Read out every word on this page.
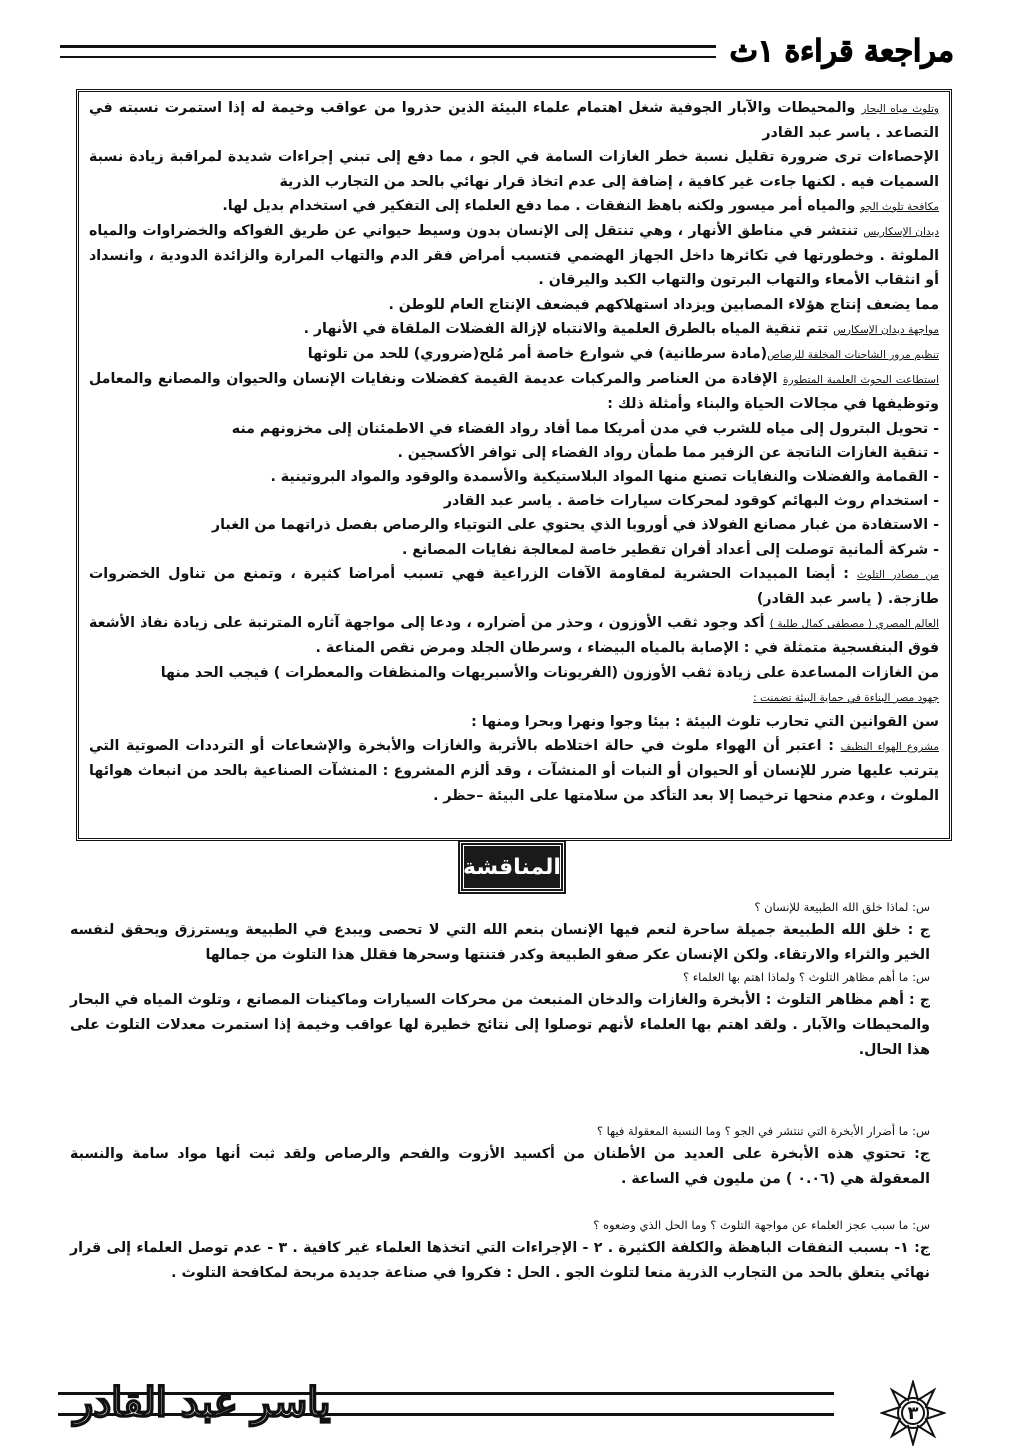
مراجعة قراءة ١ث

وتلوث مياه البحار والمحيطات والآبار الجوفية شغل اهتمام علماء البيئة الذين حذروا من عواقب وخيمة له إذا استمرت نسبته في التصاعد . ياسر عبد القادر

الإحصاءات ترى ضرورة تقليل نسبة خطر الغازات السامة في الجو ، مما دفع إلى تبني إجراءات شديدة لمراقبة زيادة نسبة السميات فيه . لكنها جاءت غير كافية ، إضافة إلى عدم اتخاذ قرار نهائي بالحد من التجارب الذرية

مكافحة تلوث الجو والمياه أمر ميسور ولكنه باهظ النفقات . مما دفع العلماء إلى التفكير في استخدام بديل لها.

ديدان الإسكاريس تنتشر في مناطق الأنهار ، وهي تنتقل إلى الإنسان بدون وسيط حيواني عن طريق الفواكه والخضراوات والمياه الملوثة . وخطورتها في تكاثرها داخل الجهاز الهضمي فتسبب أمراض فقر الدم والتهاب المرارة والزائدة الدودية ، وانسداد أو انثقاب الأمعاء والتهاب البرتون والتهاب الكبد واليرقان .

مما يضعف إنتاج هؤلاء المصابين ويزداد استهلاكهم فيضعف الإنتاج العام للوطن .

مواجهة ديدان الإسكارس تتم تنقية المياه بالطرق العلمية والانتباه لإزالة الفضلات الملقاة في الأنهار .

تنظيم مرور الشاحنات المخلفة للرصاص(مادة سرطانية) في شوارع خاصة أمر مُلح(ضروري) للحد من تلوثها

استطاعت البحوث العلمية المتطورة الإفادة من العناصر والمركبات عديمة القيمة كفضلات ونفايات الإنسان والحيوان والمصانع والمعامل وتوظيفها في مجالات الحياة والبناء وأمثلة ذلك :

- تحويل البترول إلى مياه للشرب في مدن أمريكا مما أفاد رواد الفضاء في الاطمئنان إلى مخزونهم منه

- تنقية الغازات الناتجة عن الزفير مما طمأن رواد الفضاء إلى توافر الأكسجين .

- القمامة والفضلات والنفايات تصنع منها المواد البلاستيكية والأسمدة والوقود والمواد البروتينية .

- استخدام روث البهائم كوقود لمحركات سيارات خاصة . ياسر عبد القادر

- الاستفادة من غبار مصانع الفولاذ في أوروبا الذي يحتوي على التوتياء والرصاص بفصل ذراتهما من الغبار

- شركة ألمانية توصلت إلى أعداد أفران تقطير خاصة لمعالجة نفايات المصانع .

من مصادر التلوث : أيضا المبيدات الحشرية لمقاومة الآفات الزراعية فهي تسبب أمراضا كثيرة ، وتمنع من تناول الخضروات طازجة. ( ياسر عبد القادر)

العالم المصري ( مصطفى كمال طلبة ) أكد وجود ثقب الأوزون ، وحذر من أضراره ، ودعا إلى مواجهة آثاره المترتبة على زيادة نفاذ الأشعة فوق البنفسجية متمثلة في : الإصابة بالمياه البيضاء ، وسرطان الجلد ومرض نقص المناعة .

من الغازات المساعدة على زيادة ثقب الأوزون (الفريونات والأسبريهات والمنظفات والمعطرات ) فيجب الحد منها

جهود مصر البناءة في حماية البيئة تضمنت :

سن القوانين التي تحارب تلوث البيئة : بيئا وجوا ونهرا وبحرا ومنها :

مشروع الهواء النظيف : اعتبر أن الهواء ملوث في حالة اختلاطه بالأتربة والغازات والأبخرة والإشعاعات أو الترددات الصوتية التي يترتب عليها ضرر للإنسان أو الحيوان أو النبات أو المنشآت ، وقد ألزم المشروع : المنشآت الصناعية بالحد من انبعاث هوائها الملوث ، وعدم منحها ترخيصا إلا بعد التأكد من سلامتها على البيئة –حظر .

المناقشة
س: لماذا خلق الله الطبيعة للإنسان ؟
ج : خلق الله الطبيعة جميلة ساحرة لنعم فيها الإنسان بنعم الله التي لا تحصى ويبدع في الطبيعة ويسترزق ويحقق لنفسه الخير والثراء والارتقاء. ولكن الإنسان عكر صفو الطبيعة وكدر فتنتها وسحرها فقلل هذا التلوث من جمالها
س: ما أهم مظاهر التلوث ؟ ولماذا اهتم بها العلماء ؟
ج : أهم مظاهر التلوث : الأبخرة والغازات والدخان المنبعث من محركات السيارات وماكينات المصانع ، وتلوث المياه في البحار والمحيطات والآبار . ولقد اهتم بها العلماء لأنهم توصلوا إلى نتائج خطيرة لها عواقب وخيمة إذا استمرت معدلات التلوث على هذا الحال.
س: ما أضرار الأبخرة التي تنتشر في الجو ؟ وما النسبة المعقولة فيها ؟
ج: تحتوي هذه الأبخرة على العديد من الأطنان من أكسيد الأزوت والفحم والرصاص ولقد ثبت أنها مواد سامة والنسبة المعقولة هي (٠.٠٦ ) من مليون في الساعة .
س: ما سبب عجز العلماء عن مواجهة التلوث ؟ وما الحل الذي وضعوه ؟
ج: ١- بسبب النفقات الباهظة والكلفة الكثيرة . ٢ - الإجراءات التي اتخذها العلماء غير كافية . ٣ - عدم توصل العلماء إلى قرار نهائي يتعلق بالحد من التجارب الذرية منعا لتلوث الجو . الحل : فكروا في صناعة جديدة مربحة لمكافحة التلوث .
ياسر عبد القادر	٣
